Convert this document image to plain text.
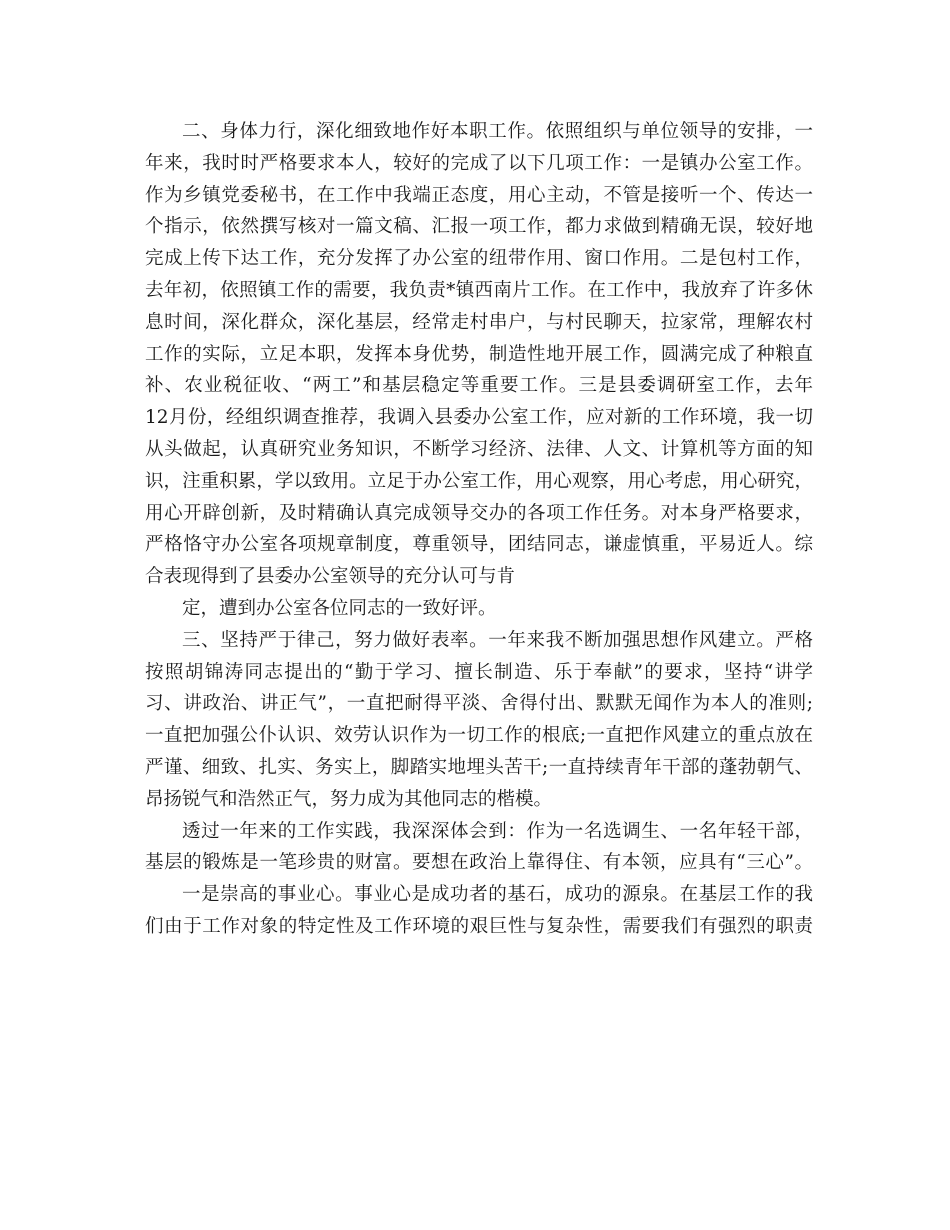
二、身体力行，深化细致地作好本职工作。依照组织与单位领导的安排，一
年来，我时时严格要求本人，较好的完成了以下几项工作：一是镇办公室工作。
作为乡镇党委秘书，在工作中我端正态度，用心主动，不管是接听一个、传达一
个指示，依然撰写核对一篇文稿、汇报一项工作，都力求做到精确无误，较好地
完成上传下达工作，充分发挥了办公室的纽带作用、窗口作用。二是包村工作，
去年初，依照镇工作的需要，我负责*镇西南片工作。在工作中，我放弃了许多休
息时间，深化群众，深化基层，经常走村串户，与村民聊天，拉家常，理解农村
工作的实际，立足本职，发挥本身优势，制造性地开展工作，圆满完成了种粮直
补、农业税征收、“两工”和基层稳定等重要工作。三是县委调研室工作，去年
12月份，经组织调查推荐，我调入县委办公室工作，应对新的工作环境，我一切
从头做起，认真研究业务知识，不断学习经济、法律、人文、计算机等方面的知
识，注重积累，学以致用。立足于办公室工作，用心观察，用心考虑，用心研究，
用心开辟创新，及时精确认真完成领导交办的各项工作任务。对本身严格要求，
严格恪守办公室各项规章制度，尊重领导，团结同志，谦虚慎重，平易近人。综
合表现得到了县委办公室领导的充分认可与肯
定，遭到办公室各位同志的一致好评。
三、坚持严于律己，努力做好表率。一年来我不断加强思想作风建立。严格
按照胡锦涛同志提出的“勤于学习、擅长制造、乐于奉献”的要求，坚持“讲学
习、讲政治、讲正气”，一直把耐得平淡、舍得付出、默默无闻作为本人的准则;
一直把加强公仆认识、效劳认识作为一切工作的根底;一直把作风建立的重点放在
严谨、细致、扎实、务实上，脚踏实地埋头苦干;一直持续青年干部的蓬勃朝气、
昂扬锐气和浩然正气，努力成为其他同志的楷模。
透过一年来的工作实践，我深深体会到：作为一名选调生、一名年轻干部，
基层的锻炼是一笔珍贵的财富。要想在政治上靠得住、有本领，应具有“三心”。
一是崇高的事业心。事业心是成功者的基石，成功的源泉。在基层工作的我
们由于工作对象的特定性及工作环境的艰巨性与复杂性，需要我们有强烈的职责
